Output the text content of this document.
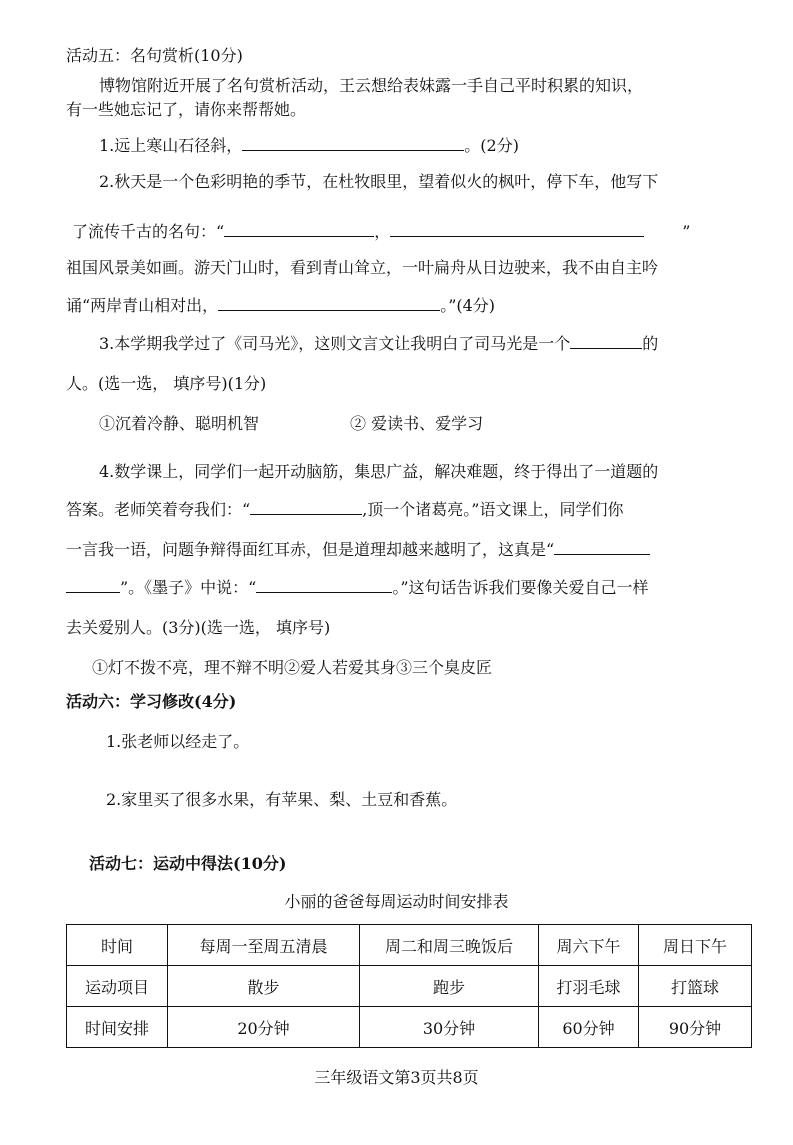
活动五：名句赏析(10分)
博物馆附近开展了名句赏析活动，王云想给表妹露一手自己平时积累的知识，
有一些她忘记了，请你来帮帮她。
1.远上寒山石径斜，	。(2分)
2.秋天是一个色彩明艳的季节，在杜牧眼里，望着似火的枫叶，停下车，他写下
了流传千古的名句：“	，	”
祖国风景美如画。游天门山时，看到青山耸立，一叶扁舟从日边驶来，我不由自主吟
诵“两岸青山相对出，	。”(4分)
3.本学期我学过了《司马光》，这则文言文让我明白了司马光是一个	的
人。(选一选， 填序号)(1分)
①沉着冷静、聪明机智	② 爱读书、爱学习
4.数学课上，同学们一起开动脑筋，集思广益，解决难题，终于得出了一道题的
答案。老师笑着夸我们：“	,顶一个诸葛亮。”语文课上，同学们你
一言我一语，问题争辩得面红耳赤，但是道理却越来越明了，这真是“
”。《墨子》中说：“	。”这句话告诉我们要像关爱自己一样
去关爱别人。(3分)(选一选， 填序号)
①灯不拨不亮，理不辩不明②爱人若爱其身③三个臭皮匠
活动六：学习修改(4分)
1.张老师以经走了。
2.家里买了很多水果，有苹果、梨、土豆和香蕉。
活动七：运动中得法(10分)
小丽的爸爸每周运动时间安排表
时间	每周一至周五清晨	周二和周三晚饭后	周六下午	周日下午
运动项目	散步	跑步	打羽毛球	打篮球
时间安排	20分钟	30分钟	60分钟	90分钟
三年级语文第3页共8页
